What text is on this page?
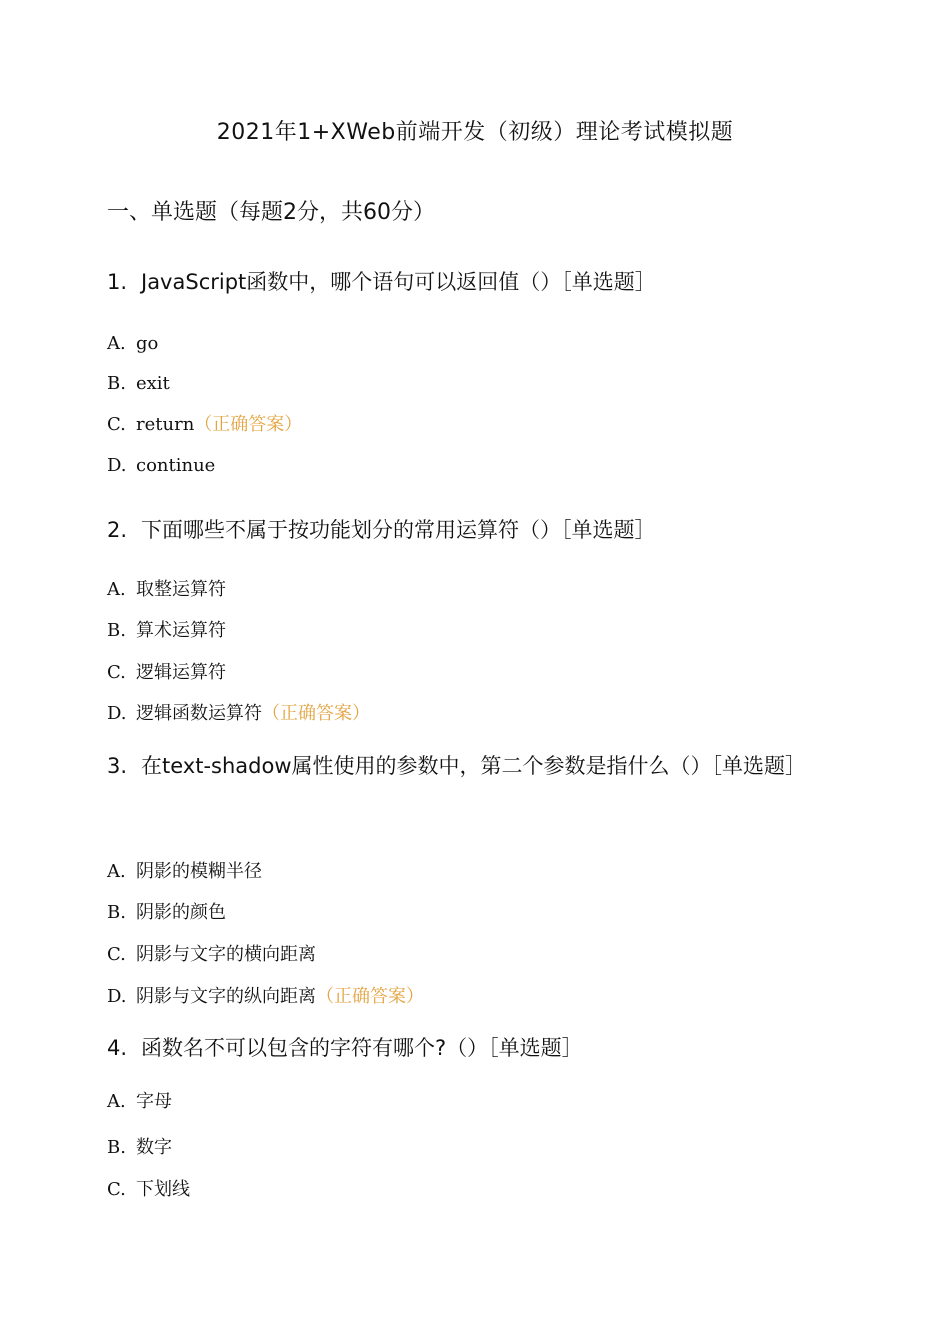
2021年1+XWeb前端开发（初级）理论考试模拟题
一、单选题（每题2分，共60分）
1. JavaScript函数中，哪个语句可以返回值（）［单选题］
A. go
B. exit
C. return（正确答案）
D. continue
2. 下面哪些不属于按功能划分的常用运算符（）［单选题］
A. 取整运算符
B. 算术运算符
C. 逻辑运算符
D. 逻辑函数运算符（正确答案）
3. 在text-shadow属性使用的参数中，第二个参数是指什么（）［单选题］
A. 阴影的模糊半径
B. 阴影的颜色
C. 阴影与文字的横向距离
D. 阴影与文字的纵向距离（正确答案）
4. 函数名不可以包含的字符有哪个?（）［单选题］
A. 字母
B. 数字
C. 下划线
